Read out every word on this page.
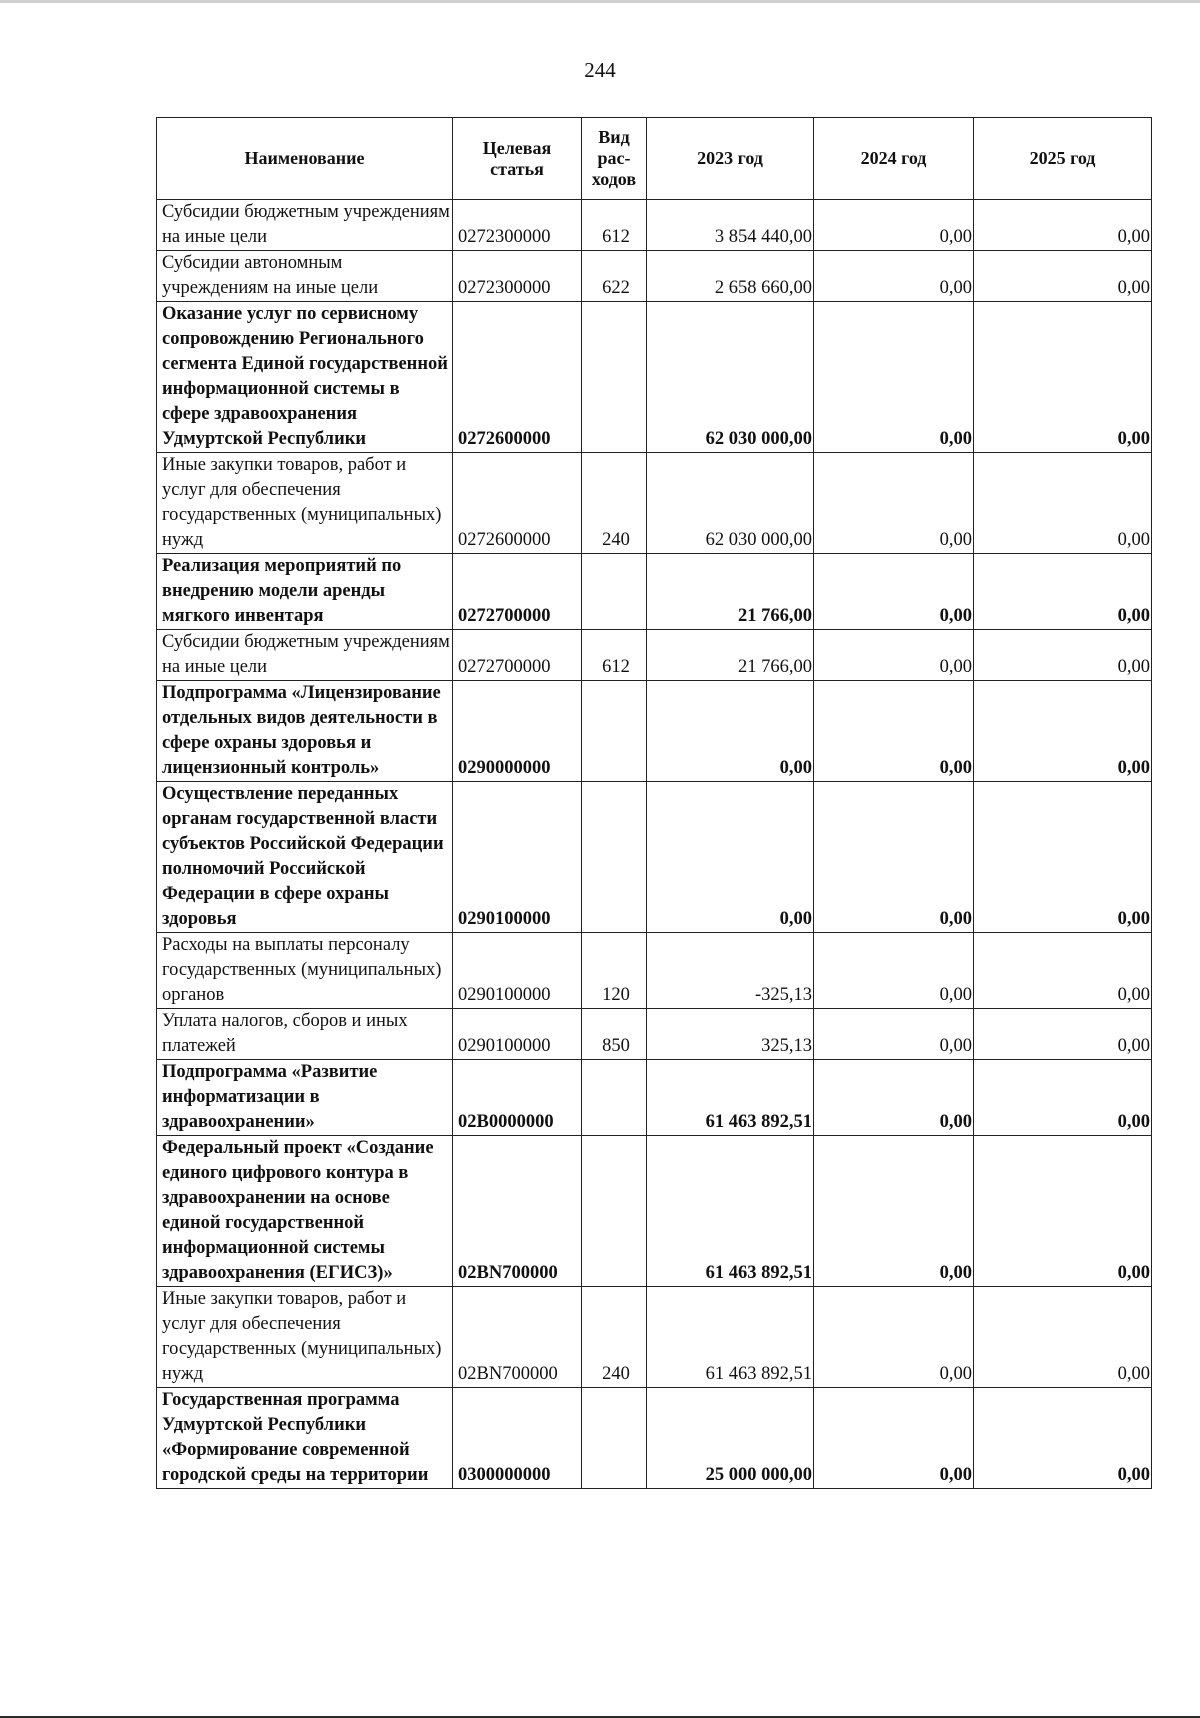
244
Наименование	Целевая статья	Вид рас-ходов	2023 год	2024 год	2025 год
Субсидии бюджетным учреждениям на иные цели	0272300000	612	3 854 440,00	0,00	0,00
Субсидии автономным учреждениям на иные цели	0272300000	622	2 658 660,00	0,00	0,00
Оказание услуг по сервисному сопровождению Регионального сегмента Единой государственной информационной системы в сфере здравоохранения Удмуртской Республики	0272600000		62 030 000,00	0,00	0,00
Иные закупки товаров, работ и услуг для обеспечения государственных (муниципальных) нужд	0272600000	240	62 030 000,00	0,00	0,00
Реализация мероприятий по внедрению модели аренды мягкого инвентаря	0272700000		21 766,00	0,00	0,00
Субсидии бюджетным учреждениям на иные цели	0272700000	612	21 766,00	0,00	0,00
Подпрограмма «Лицензирование отдельных видов деятельности в сфере охраны здоровья и лицензионный контроль»	0290000000		0,00	0,00	0,00
Осуществление переданных органам государственной власти субъектов Российской Федерации полномочий Российской Федерации в сфере охраны здоровья	0290100000		0,00	0,00	0,00
Расходы на выплаты персоналу государственных (муниципальных) органов	0290100000	120	-325,13	0,00	0,00
Уплата налогов, сборов и иных платежей	0290100000	850	325,13	0,00	0,00
Подпрограмма «Развитие информатизации в здравоохранении»	02B0000000		61 463 892,51	0,00	0,00
Федеральный проект «Создание единого цифрового контура в здравоохранении на основе единой государственной информационной системы здравоохранения (ЕГИСЗ)»	02BN700000		61 463 892,51	0,00	0,00
Иные закупки товаров, работ и услуг для обеспечения государственных (муниципальных) нужд	02BN700000	240	61 463 892,51	0,00	0,00
Государственная программа Удмуртской Республики «Формирование современной городской среды на территории	0300000000		25 000 000,00	0,00	0,00
